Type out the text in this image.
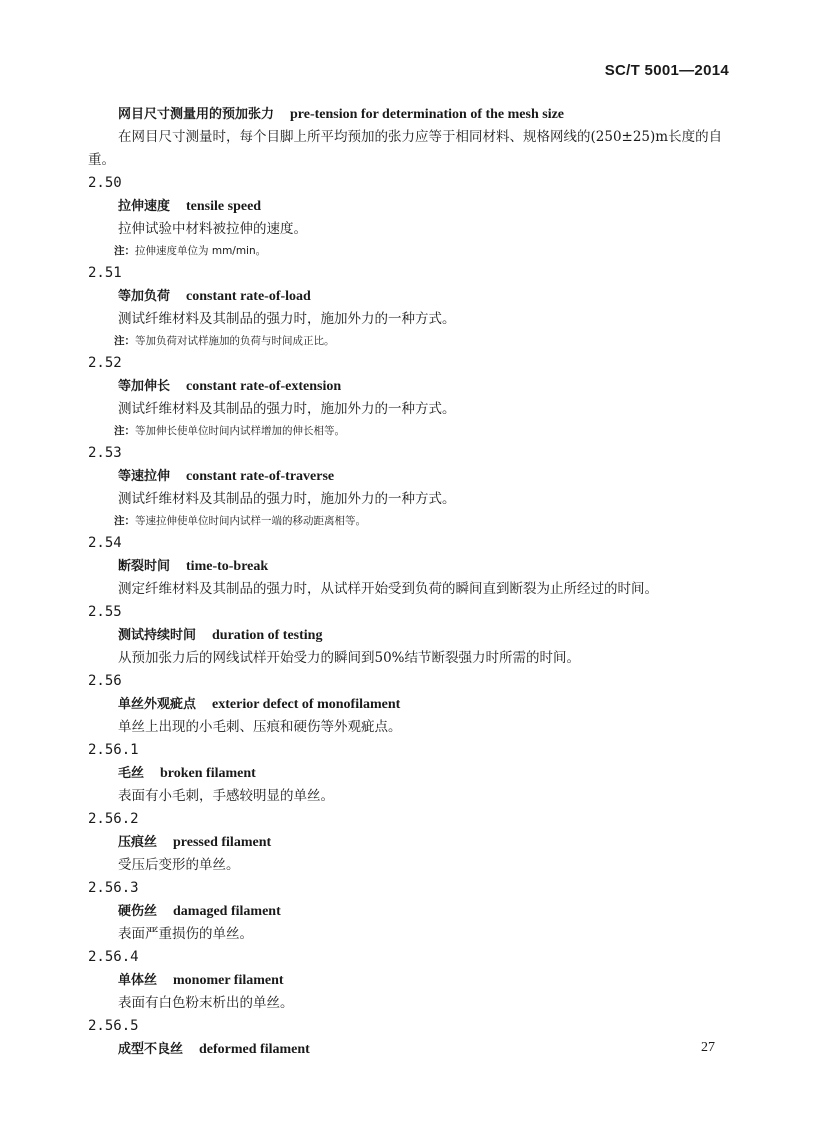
SC/T 5001—2014
网目尺寸测量用的预加张力 pre-tension for determination of the mesh size

在网目尺寸测量时，每个目脚上所平均预加的张力应等于相同材料、规格网线的(250±25)m长度的自重。

2.50
拉伸速度 tensile speed

拉伸试验中材料被拉伸的速度。

注：拉伸速度单位为 mm/min。
2.51
等加负荷 constant rate-of-load

测试纤维材料及其制品的强力时，施加外力的一种方式。

注：等加负荷对试样施加的负荷与时间成正比。
2.52
等加伸长 constant rate-of-extension

测试纤维材料及其制品的强力时，施加外力的一种方式。

注：等加伸长使单位时间内试样增加的伸长相等。
2.53
等速拉伸 constant rate-of-traverse

测试纤维材料及其制品的强力时，施加外力的一种方式。

注：等速拉伸使单位时间内试样一端的移动距离相等。
2.54
断裂时间 time-to-break

测定纤维材料及其制品的强力时，从试样开始受到负荷的瞬间直到断裂为止所经过的时间。

2.55
测试持续时间 duration of testing

从预加张力后的网线试样开始受力的瞬间到50%结节断裂强力时所需的时间。

2.56
单丝外观疵点 exterior defect of monofilament

单丝上出现的小毛刺、压痕和硬伤等外观疵点。

2.56.1
毛丝 broken filament

表面有小毛刺，手感较明显的单丝。

2.56.2
压痕丝 pressed filament

受压后变形的单丝。

2.56.3
硬伤丝 damaged filament

表面严重损伤的单丝。

2.56.4
单体丝 monomer filament

表面有白色粉末析出的单丝。

2.56.5
成型不良丝 deformed filament	27
